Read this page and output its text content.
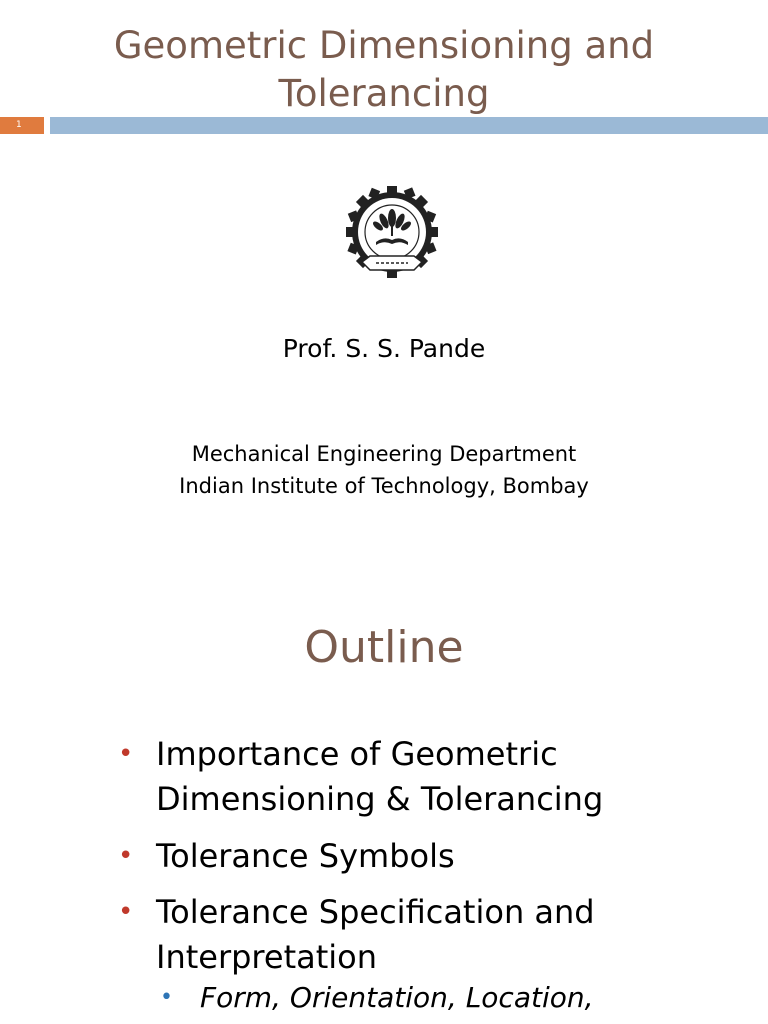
Geometric Dimensioning and
Tolerancing
1
Prof. S. S. Pande
Mechanical Engineering Department
Indian Institute of Technology, Bombay
Outline
• Importance of Geometric
Dimensioning & Tolerancing
• Tolerance Symbols
• Tolerance Specification and
Interpretation
• Form, Orientation, Location,
